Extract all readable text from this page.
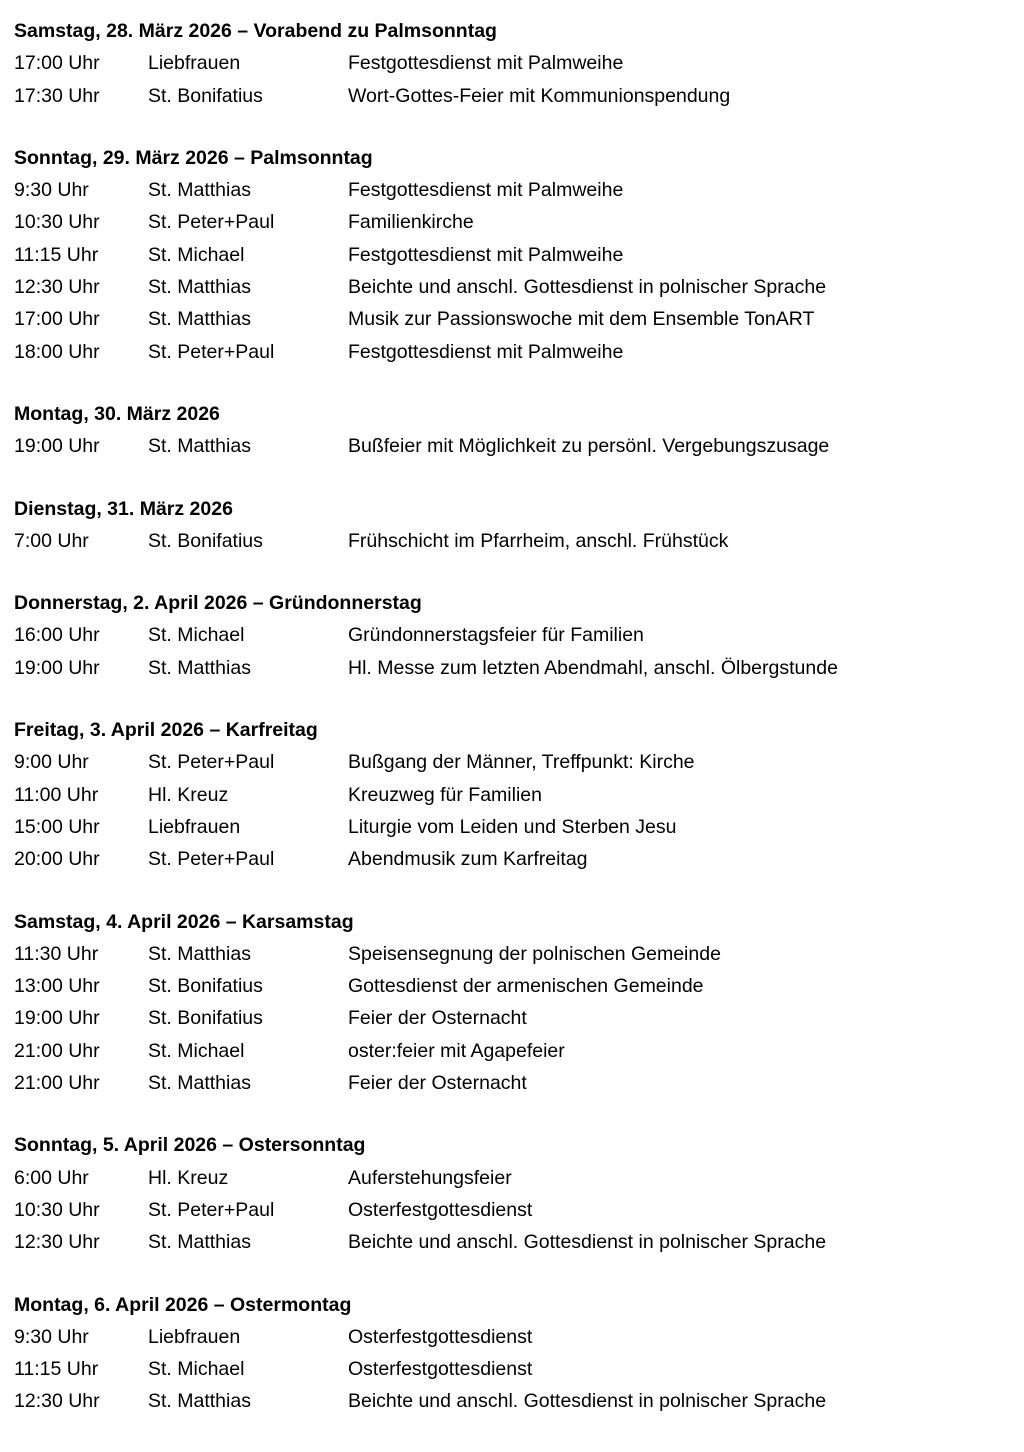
Samstag, 28. März 2026 – Vorabend zu Palmsonntag
17:00 Uhr	Liebfrauen	Festgottesdienst mit Palmweihe
17:30 Uhr	St. Bonifatius	Wort-Gottes-Feier mit Kommunionspendung
Sonntag, 29. März 2026 – Palmsonntag
9:30 Uhr	St. Matthias	Festgottesdienst mit Palmweihe
10:30 Uhr	St. Peter+Paul	Familienkirche
11:15 Uhr	St. Michael	Festgottesdienst mit Palmweihe
12:30 Uhr	St. Matthias	Beichte und anschl. Gottesdienst in polnischer Sprache
17:00 Uhr	St. Matthias	Musik zur Passionswoche mit dem Ensemble TonART
18:00 Uhr	St. Peter+Paul	Festgottesdienst mit Palmweihe
Montag, 30. März 2026
19:00 Uhr	St. Matthias	Bußfeier mit Möglichkeit zu persönl. Vergebungszusage
Dienstag, 31. März 2026
7:00 Uhr	St. Bonifatius	Frühschicht im Pfarrheim, anschl. Frühstück
Donnerstag, 2. April 2026 – Gründonnerstag
16:00 Uhr	St. Michael	Gründonnerstagsfeier für Familien
19:00 Uhr	St. Matthias	Hl. Messe zum letzten Abendmahl, anschl. Ölbergstunde
Freitag, 3. April 2026 – Karfreitag
9:00 Uhr	St. Peter+Paul	Bußgang der Männer, Treffpunkt: Kirche
11:00 Uhr	Hl. Kreuz	Kreuzweg für Familien
15:00 Uhr	Liebfrauen	Liturgie vom Leiden und Sterben Jesu
20:00 Uhr	St. Peter+Paul	Abendmusik zum Karfreitag
Samstag, 4. April 2026 – Karsamstag
11:30 Uhr	St. Matthias	Speisensegnung der polnischen Gemeinde
13:00 Uhr	St. Bonifatius	Gottesdienst der armenischen Gemeinde
19:00 Uhr	St. Bonifatius	Feier der Osternacht
21:00 Uhr	St. Michael	oster:feier mit Agapefeier
21:00 Uhr	St. Matthias	Feier der Osternacht
Sonntag, 5. April 2026 – Ostersonntag
6:00 Uhr	Hl. Kreuz	Auferstehungsfeier
10:30 Uhr	St. Peter+Paul	Osterfestgottesdienst
12:30 Uhr	St. Matthias	Beichte und anschl. Gottesdienst in polnischer Sprache
Montag, 6. April 2026 – Ostermontag
9:30 Uhr	Liebfrauen	Osterfestgottesdienst
11:15 Uhr	St. Michael	Osterfestgottesdienst
12:30 Uhr	St. Matthias	Beichte und anschl. Gottesdienst in polnischer Sprache
